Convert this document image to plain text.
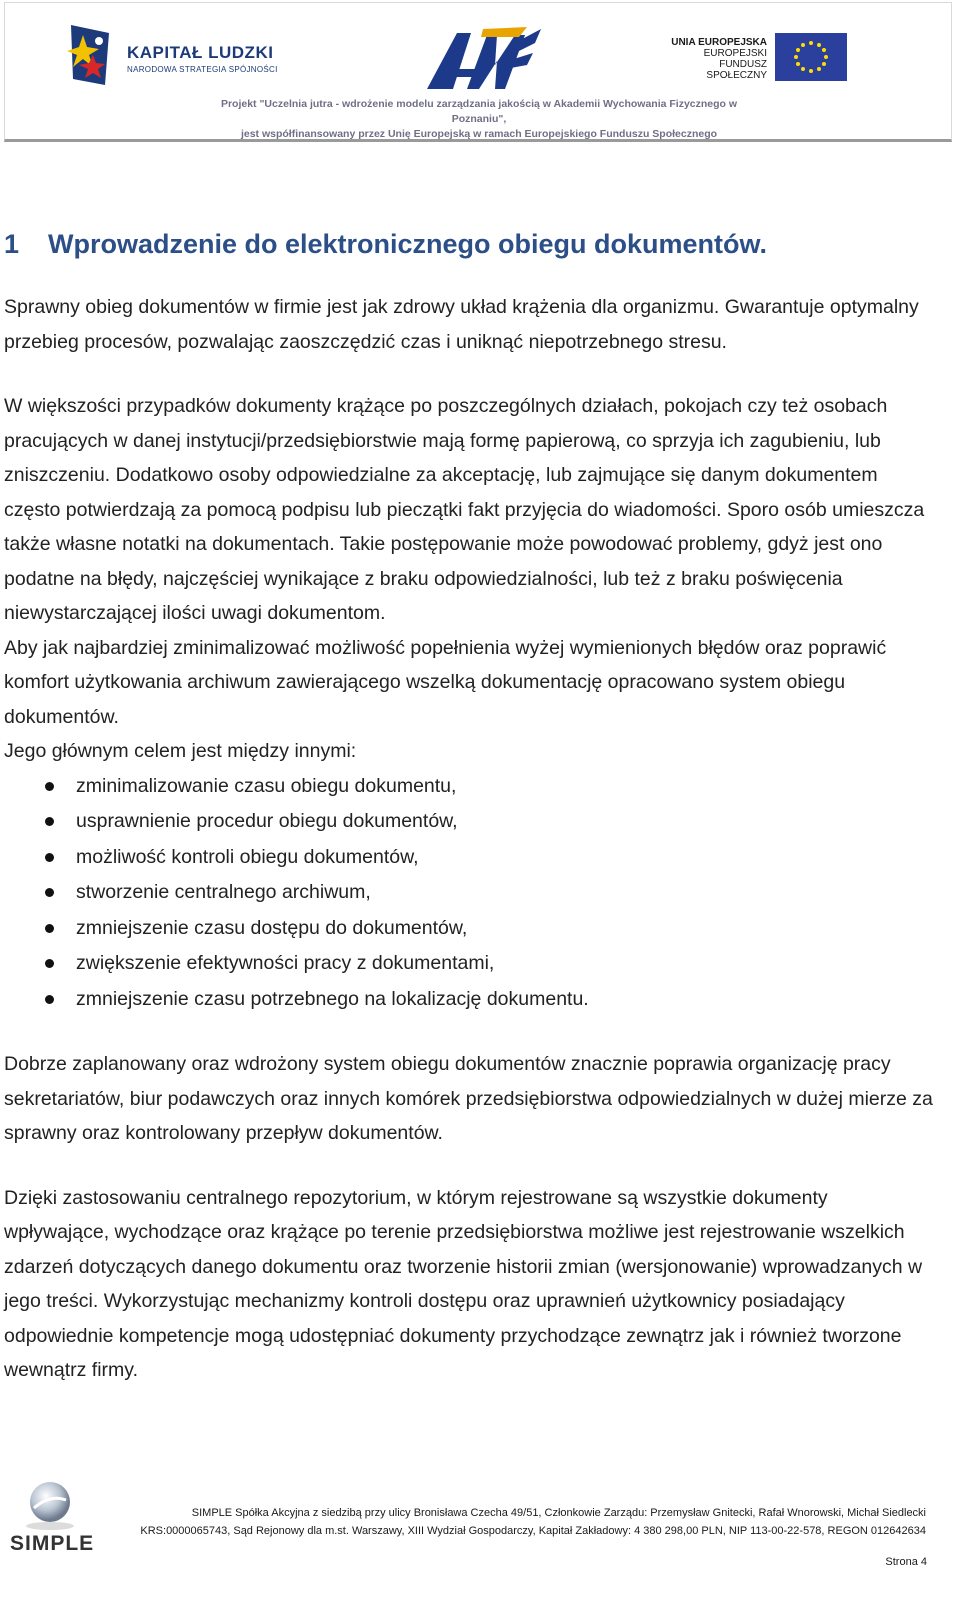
KAPITAŁ LUDZKI
NARODOWA STRATEGIA SPÓJNOŚCI
UNIA EUROPEJSKA
EUROPEJSKI
FUNDUSZ SPOŁECZNY
Projekt "Uczelnia jutra - wdrożenie modelu zarządzania jakością w Akademii Wychowania Fizycznego w Poznaniu",
jest współfinansowany przez Unię Europejską w ramach Europejskiego Funduszu Społecznego
1 Wprowadzenie do elektronicznego obiegu dokumentów.

Sprawny obieg dokumentów w firmie jest jak zdrowy układ krążenia dla organizmu. Gwarantuje optymalny przebieg procesów, pozwalając zaoszczędzić czas i uniknąć niepotrzebnego stresu.

W większości przypadków dokumenty krążące po poszczególnych działach, pokojach czy też osobach pracujących w danej instytucji/przedsiębiorstwie mają formę papierową, co sprzyja ich zagubieniu, lub zniszczeniu. Dodatkowo osoby odpowiedzialne za akceptację, lub zajmujące się danym dokumentem często potwierdzają za pomocą podpisu lub pieczątki fakt przyjęcia do wiadomości. Sporo osób umieszcza także własne notatki na dokumentach. Takie postępowanie może powodować problemy, gdyż jest ono podatne na błędy, najczęściej wynikające z braku odpowiedzialności, lub też z braku poświęcenia niewystarczającej ilości uwagi dokumentom.

Aby jak najbardziej zminimalizować możliwość popełnienia wyżej wymienionych błędów oraz poprawić komfort użytkowania archiwum zawierającego wszelką dokumentację opracowano system obiegu dokumentów.

Jego głównym celem jest między innymi:

zminimalizowanie czasu obiegu dokumentu,
usprawnienie procedur obiegu dokumentów,
możliwość kontroli obiegu dokumentów,
stworzenie centralnego archiwum,
zmniejszenie czasu dostępu do dokumentów,
zwiększenie efektywności pracy z dokumentami,
zmniejszenie czasu potrzebnego na lokalizację dokumentu.

Dobrze zaplanowany oraz wdrożony system obiegu dokumentów znacznie poprawia organizację pracy sekretariatów, biur podawczych oraz innych komórek przedsiębiorstwa odpowiedzialnych w dużej mierze za sprawny oraz kontrolowany przepływ dokumentów.

Dzięki zastosowaniu centralnego repozytorium, w którym rejestrowane są wszystkie dokumenty wpływające, wychodzące oraz krążące po terenie przedsiębiorstwa możliwe jest rejestrowanie wszelkich zdarzeń dotyczących danego dokumentu oraz tworzenie historii zmian (wersjonowanie) wprowadzanych w jego treści. Wykorzystując mechanizmy kontroli dostępu oraz uprawnień użytkownicy posiadający odpowiednie kompetencje mogą udostępniać dokumenty przychodzące zewnątrz jak i również tworzone wewnątrz firmy.

SIMPLE
SIMPLE Spółka Akcyjna z siedzibą przy ulicy Bronisława Czecha 49/51, Członkowie Zarządu: Przemysław Gnitecki, Rafał Wnorowski, Michał Siedlecki
KRS:0000065743, Sąd Rejonowy dla m.st. Warszawy, XIII Wydział Gospodarczy, Kapitał Zakładowy: 4 380 298,00 PLN, NIP 113-00-22-578, REGON 012642634
Strona 4
